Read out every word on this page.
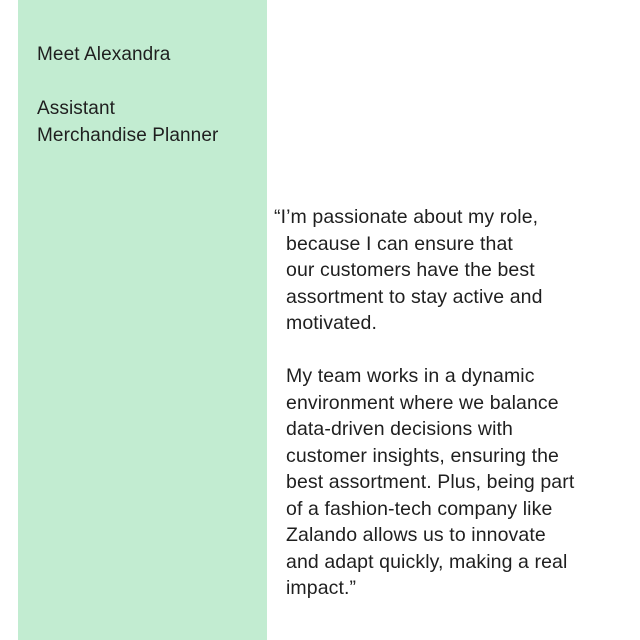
Meet Alexandra

Assistant
Merchandise Planner

“I’m passionate about my role,
because I can ensure that
our customers have the best
assortment to stay active and
motivated.

My team works in a dynamic
environment where we balance
data-driven decisions with
customer insights, ensuring the
best assortment. Plus, being part
of a fashion-tech company like
Zalando allows us to innovate
and adapt quickly, making a real
impact.”
